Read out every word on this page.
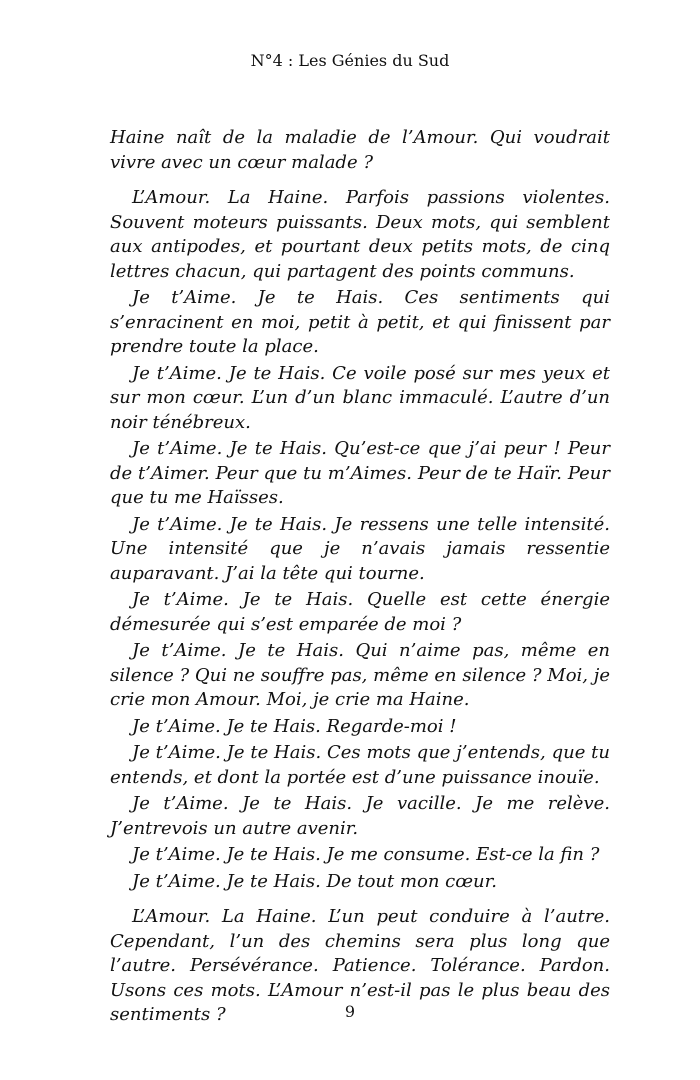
N°4 : Les Génies du Sud

Haine naît de la maladie de l’Amour. Qui voudrait vivre avec un cœur malade ?

L’Amour. La Haine. Parfois passions violentes. Souvent moteurs puissants. Deux mots, qui semblent aux antipodes, et pourtant deux petits mots, de cinq lettres chacun, qui partagent des points communs.

Je t’Aime. Je te Hais. Ces sentiments qui s’enracinent en moi, petit à petit, et qui finissent par prendre toute la place.

Je t’Aime. Je te Hais. Ce voile posé sur mes yeux et sur mon cœur. L’un d’un blanc immaculé. L’autre d’un noir ténébreux.

Je t’Aime. Je te Hais. Qu’est-ce que j’ai peur ! Peur de t’Aimer. Peur que tu m’Aimes. Peur de te Haïr. Peur que tu me Haïsses.

Je t’Aime. Je te Hais. Je ressens une telle intensité. Une intensité que je n’avais jamais ressentie auparavant. J’ai la tête qui tourne.

Je t’Aime. Je te Hais. Quelle est cette énergie démesurée qui s’est emparée de moi ?

Je t’Aime. Je te Hais. Qui n’aime pas, même en silence ? Qui ne souffre pas, même en silence ? Moi, je crie mon Amour. Moi, je crie ma Haine.

Je t’Aime. Je te Hais. Regarde-moi !

Je t’Aime. Je te Hais. Ces mots que j’entends, que tu entends, et dont la portée est d’une puissance inouïe.

Je t’Aime. Je te Hais. Je vacille. Je me relève. J’entrevois un autre avenir.

Je t’Aime. Je te Hais. Je me consume. Est-ce la fin ?

Je t’Aime. Je te Hais. De tout mon cœur.

L’Amour. La Haine. L’un peut conduire à l’autre. Cependant, l’un des chemins sera plus long que l’autre. Persévérance. Patience. Tolérance. Pardon. Usons ces mots. L’Amour n’est-il pas le plus beau des sentiments ?	9
